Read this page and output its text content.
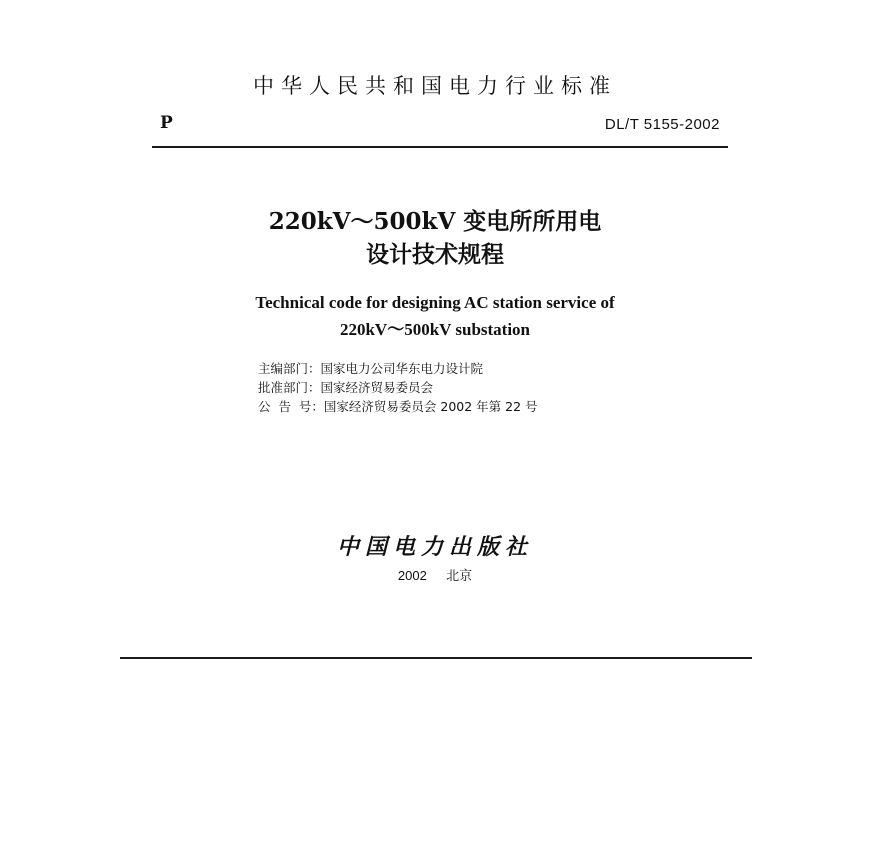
中华人民共和国电力行业标准
P	DL/T 5155-2002
220kV～500kV 变电所所用电
设计技术规程
Technical code for designing AC station service of
220kV～500kV substation
主编部门：国家电力公司华东电力设计院
批准部门：国家经济贸易委员会
公  告  号：国家经济贸易委员会 2002 年第 22 号
中国电力出版社
2002  北京
